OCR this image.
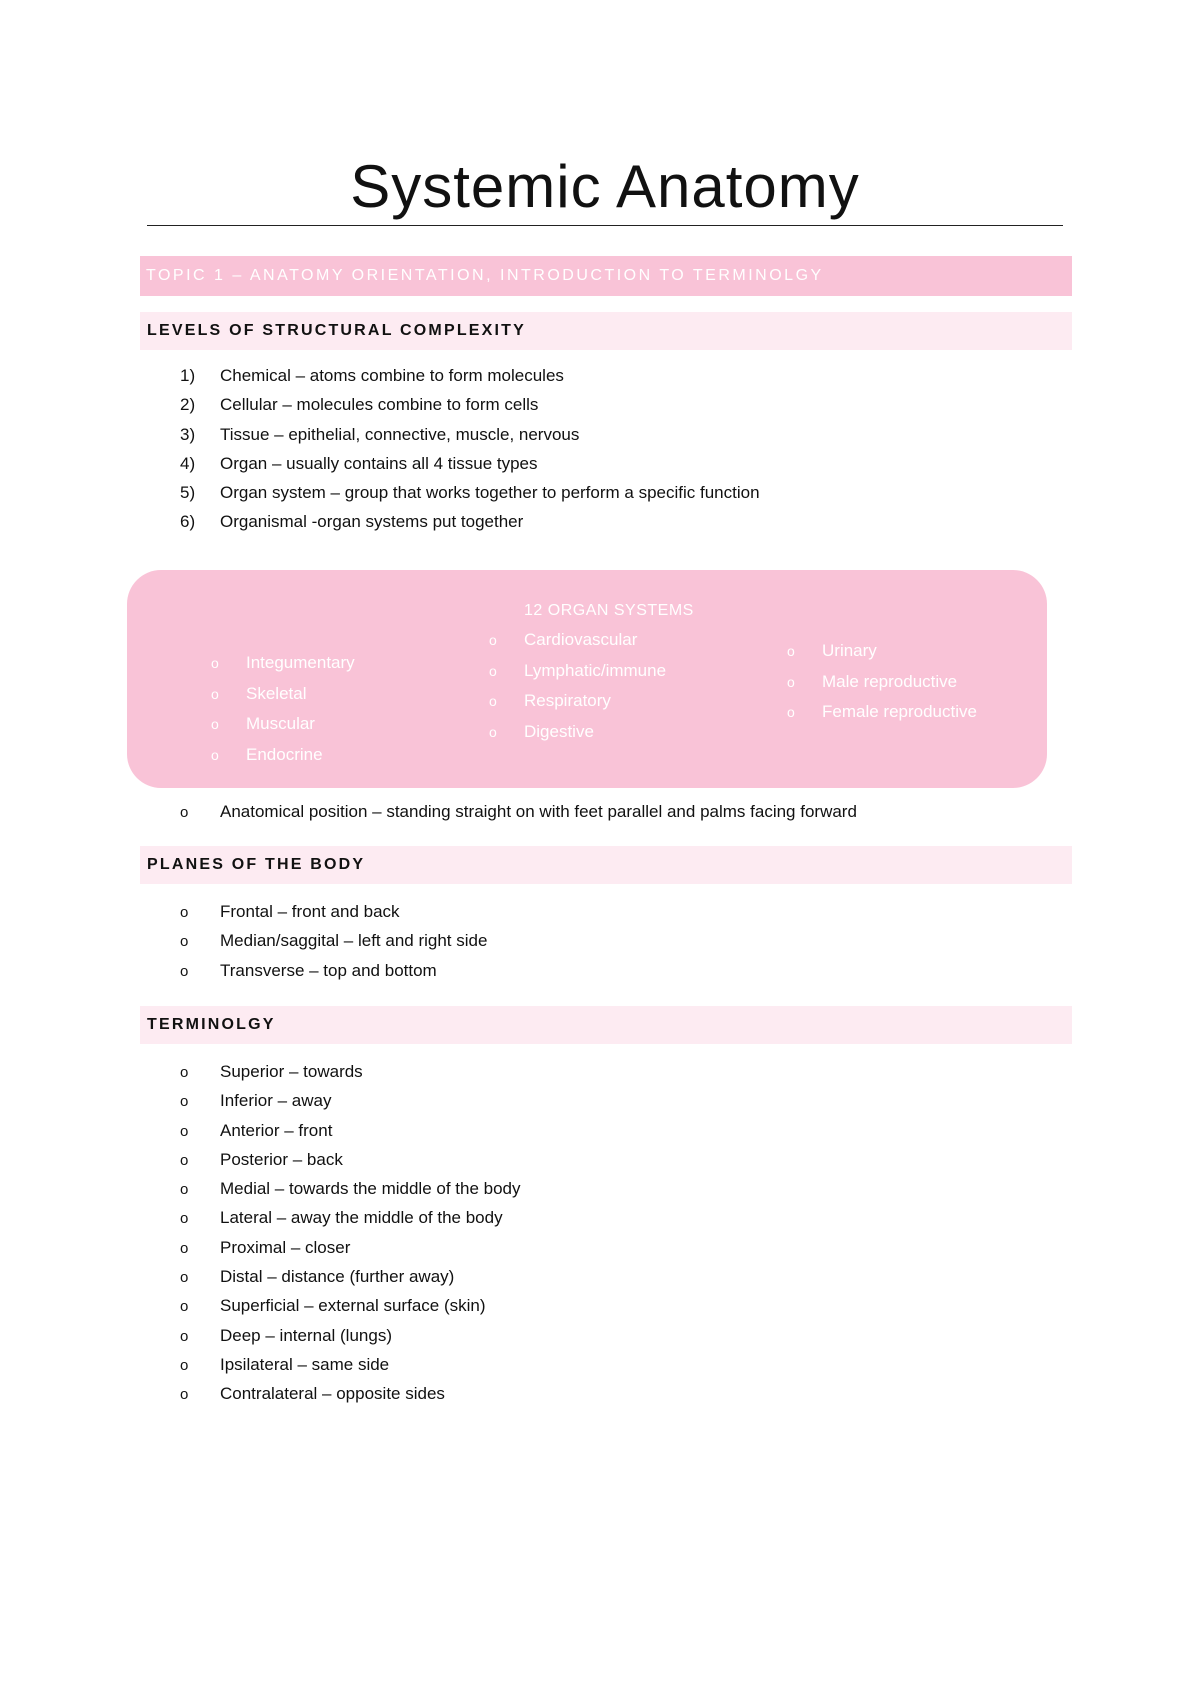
Systemic Anatomy
TOPIC 1 – ANATOMY ORIENTATION, INTRODUCTION TO TERMINOLGY
LEVELS OF STRUCTURAL COMPLEXITY
1)	Chemical – atoms combine to form molecules
2)	Cellular – molecules combine to form cells
3)	Tissue – epithelial, connective, muscle, nervous
4)	Organ – usually contains all 4 tissue types
5)	Organ system – group that works together to perform a specific function
6)	Organismal -organ systems put together
12 ORGAN SYSTEMS
o	Integumentary
o	Skeletal
o	Muscular
o	Endocrine
o	Cardiovascular
o	Lymphatic/immune
o	Respiratory
o	Digestive
o	Urinary
o	Male reproductive
o	Female reproductive
o	Anatomical position – standing straight on with feet parallel and palms facing forward
PLANES OF THE BODY
o	Frontal – front and back
o	Median/saggital – left and right side
o	Transverse – top and bottom
TERMINOLGY
o	Superior – towards
o	Inferior – away
o	Anterior – front
o	Posterior – back
o	Medial – towards the middle of the body
o	Lateral – away the middle of the body
o	Proximal – closer
o	Distal – distance (further away)
o	Superficial – external surface (skin)
o	Deep – internal (lungs)
o	Ipsilateral – same side
o	Contralateral – opposite sides
